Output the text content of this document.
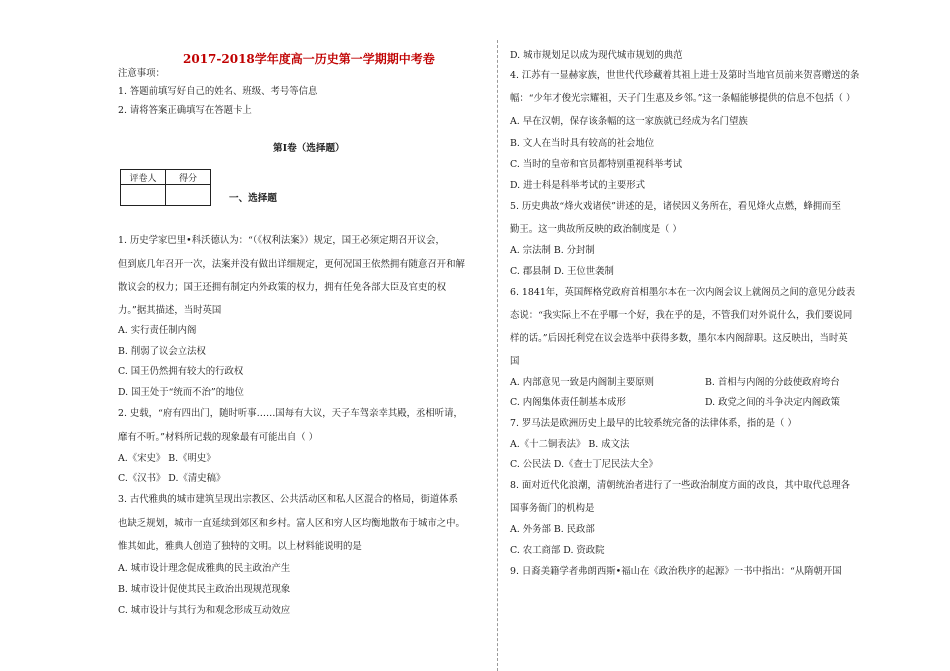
2017-2018学年度高一历史第一学期期中考卷
注意事项：
1. 答题前填写好自己的姓名、班级、考号等信息
2. 请将答案正确填写在答题卡上
第I卷（选择题）
评卷人	得分

一、选择题
1. 历史学家巴里•科沃德认为：“（《权利法案》）规定，国王必须定期召开议会，
但到底几年召开一次，法案并没有做出详细规定，更何况国王依然拥有随意召开和解
散议会的权力；国王还拥有制定内外政策的权力，拥有任免各部大臣及官吏的权
力。”据其描述，当时英国
A. 实行责任制内阁
B. 削弱了议会立法权
C. 国王仍然拥有较大的行政权
D. 国王处于“统而不治”的地位
2. 史载，“府有四出门，随时听事……国每有大议，天子车驾亲幸其殿，丞相听请，
靡有不听。”材料所记载的现象最有可能出自（ ）
A.《宋史》 B.《明史》
C.《汉书》 D.《清史稿》
3. 古代雅典的城市建筑呈现出宗教区、公共活动区和私人区混合的格局，街道体系
也缺乏规划，城市一直延续到郊区和乡村。富人区和穷人区均衡地散布于城市之中。
惟其如此，雅典人创造了独特的文明。以上材料能说明的是
A. 城市设计理念促成雅典的民主政治产生
B. 城市设计促使其民主政治出现规范现象
C. 城市设计与其行为和观念形成互动效应
D. 城市规划足以成为现代城市规划的典范
4. 江苏有一显赫家族，世世代代珍藏着其祖上进士及第时当地官员前来贺喜赠送的条
幅：“少年才俊光宗耀祖，天子门生惠及乡邻。”这一条幅能够提供的信息不包括（ ）
A. 早在汉朝，保存该条幅的这一家族就已经成为名门望族
B. 文人在当时具有较高的社会地位
C. 当时的皇帝和官员都特别重视科举考试
D. 进士科是科举考试的主要形式
5. 历史典故“烽火戏诸侯”讲述的是，诸侯因义务所在，看见烽火点燃，蜂拥而至
勤王。这一典故所反映的政治制度是（ ）
A. 宗法制 B. 分封制
C. 郡县制 D. 王位世袭制
6. 1841年，英国辉格党政府首相墨尔本在一次内阁会议上就阁员之间的意见分歧表
态说：“我实际上不在乎哪一个好，我在乎的是，不管我们对外说什么，我们要说同
样的话。”后因托利党在议会选举中获得多数，墨尔本内阁辞职。这反映出，当时英
国
A. 内部意见一致是内阁制主要原则	B. 首相与内阁的分歧使政府垮台
C. 内阁集体责任制基本成形	D. 政党之间的斗争决定内阁政策
7. 罗马法是欧洲历史上最早的比较系统完备的法律体系，指的是（ ）
A.《十二铜表法》 B. 成文法
C. 公民法 D.《查士丁尼民法大全》
8. 面对近代化浪潮，清朝统治者进行了一些政治制度方面的改良，其中取代总理各
国事务衙门的机构是
A. 外务部 B. 民政部
C. 农工商部 D. 资政院
9. 日裔美籍学者弗朗西斯•福山在《政治秩序的起源》一书中指出：“从隋朝开国
